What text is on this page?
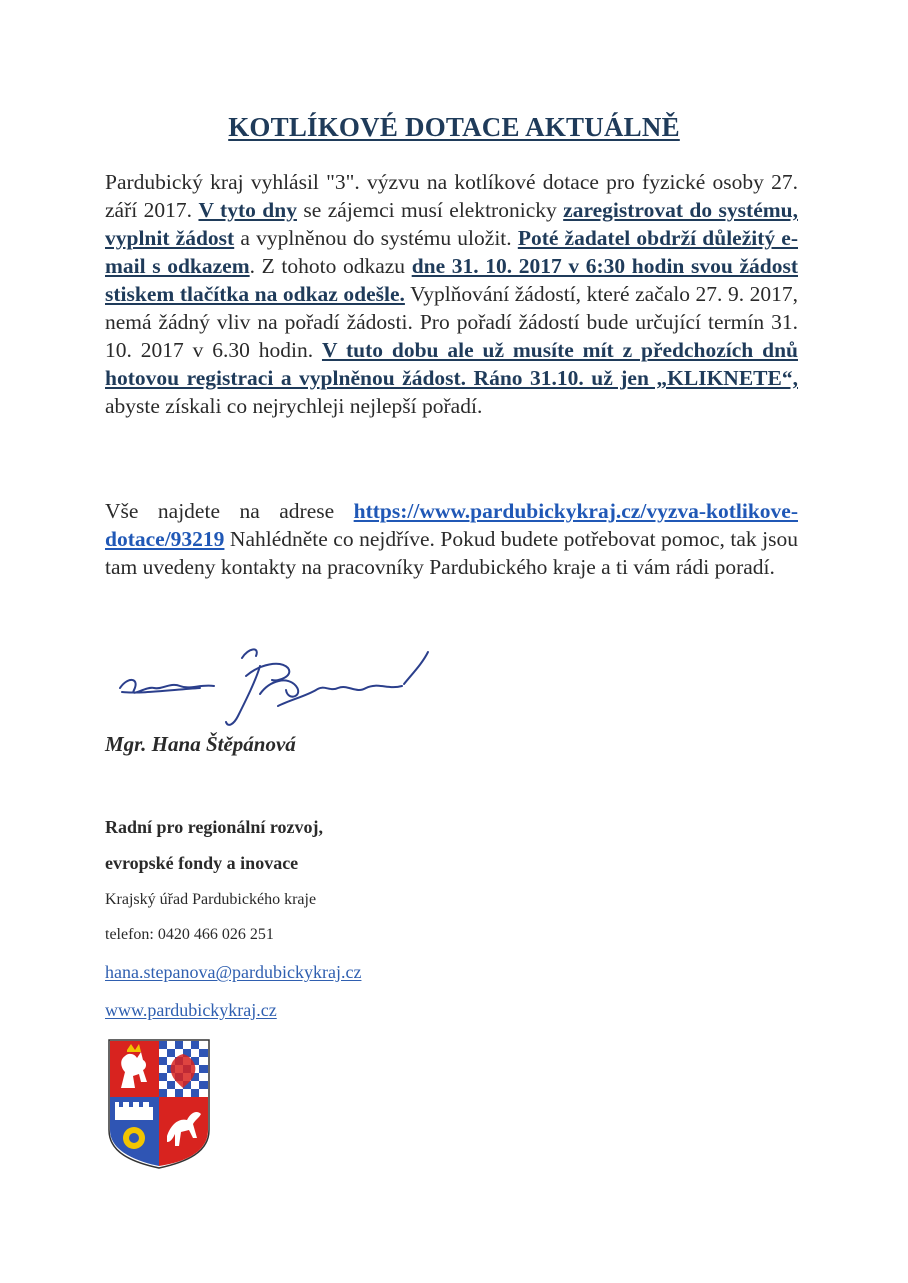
KOTLÍKOVÉ DOTACE AKTUÁLNĚ
Pardubický kraj vyhlásil "3". výzvu na kotlíkové dotace pro fyzické osoby 27. září 2017. V tyto dny se zájemci musí elektronicky zaregistrovat do systému, vyplnit žádost a vyplněnou do systému uložit. Poté žadatel obdrží důležitý e-mail s odkazem. Z tohoto odkazu dne 31. 10. 2017 v 6:30 hodin svou žádost stiskem tlačítka na odkaz odešle. Vyplňování žádostí, které začalo 27. 9. 2017, nemá žádný vliv na pořadí žádosti. Pro pořadí žádostí bude určující termín 31. 10. 2017 v 6.30 hodin. V tuto dobu ale už musíte mít z předchozích dnů hotovou registraci a vyplněnou žádost. Ráno 31.10. už jen „KLIKNETE“, abyste získali co nejrychleji nejlepší pořadí.
Vše najdete na adrese https://www.pardubickykraj.cz/vyzva-kotlikove-dotace/93219 Nahlédněte co nejdříve. Pokud budete potřebovat pomoc, tak jsou tam uvedeny kontakty na pracovníky Pardubického kraje a ti vám rádi poradí.
Mgr. Hana Štěpánová
Radní pro regionální rozvoj,
evropské fondy a inovace
Krajský úřad Pardubického kraje
telefon: 0420 466 026 251
hana.stepanova@pardubickykraj.cz
www.pardubickykraj.cz
